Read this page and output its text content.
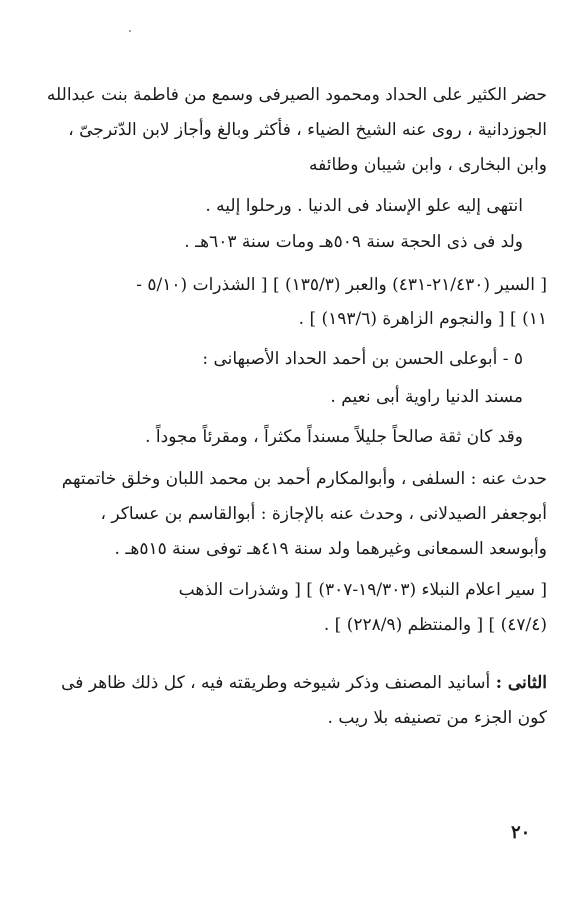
حضر الكثير على الحداد ومحمود الصيرفى وسمع من فاطمة بنت عبدالله
الجوزدانية ، روى عنه الشيخ الضياء ، فأكثر وبالغ وأجاز لابن الدّترجىّ ،
وابن البخارى ، وابن شيبان وطائفه
انتهى إليه علو الإسناد فى الدنيا . ورحلوا إليه .
ولد فى ذى الحجة سنة ٥٠٩هـ ومات سنة ٦٠٣هـ .
[ السير (٢١/٤٣٠-٤٣١) والعبر (١٣٥/٣) ] [ الشذرات (٥/١٠ -
١١) ] [ والنجوم الزاهرة (١٩٣/٦) ] .
٥ - أبوعلى الحسن بن أحمد الحداد الأصبهانى :
مسند الدنيا راوية أبى نعيم .
وقد كان ثقة صالحاً جليلاً مسنداً مكثراً ، ومقرئاً مجوداً .
حدث عنه : السلفى ، وأبوالمكارم أحمد بن محمد اللبان وخلق خاتمتهم
أبوجعفر الصيدلانى ، وحدث عنه بالإجازة : أبوالقاسم بن عساكر ،
وأبوسعد السمعانى وغيرهما ولد سنة ٤١٩هـ توفى سنة ٥١٥هـ .
[ سير اعلام النبلاء (١٩/٣٠٣-٣٠٧) ] [ وشذرات الذهب
(٤٧/٤) ] [ والمنتظم (٢٢٨/٩) ] .
الثانى : أسانيد المصنف وذكر شيوخه وطريقته فيه ، كل ذلك ظاهر فى
كون الجزء من تصنيفه بلا ريب .
٢٠
